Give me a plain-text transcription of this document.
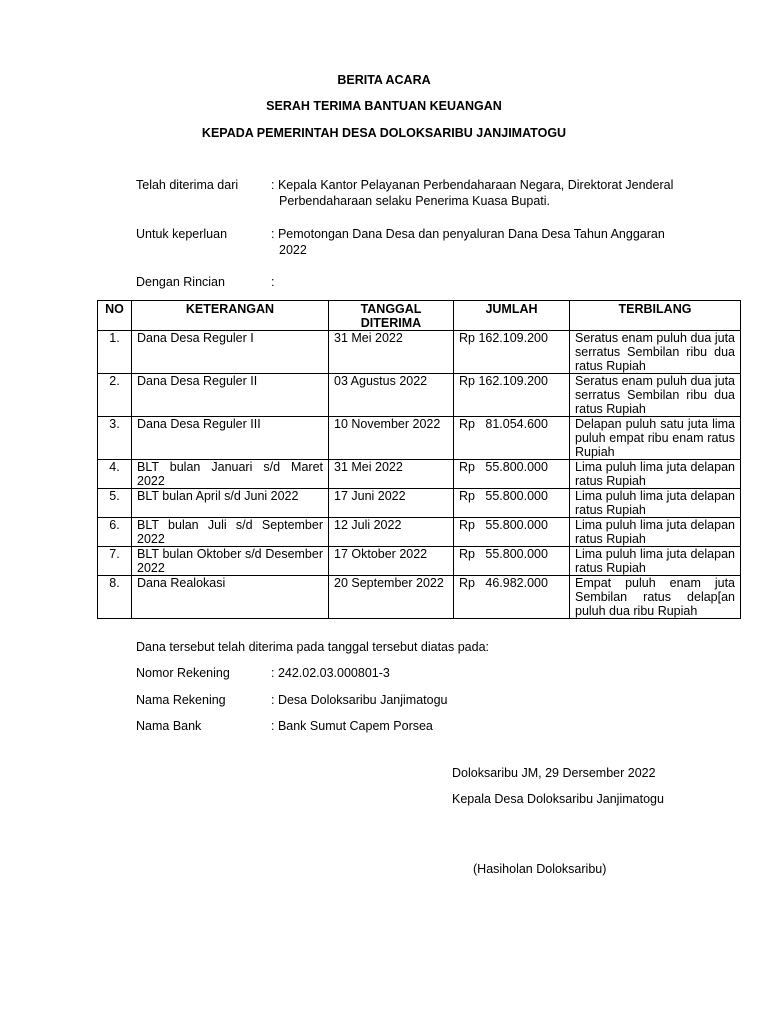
BERITA ACARA
SERAH TERIMA BANTUAN KEUANGAN
KEPADA PEMERINTAH DESA DOLOKSARIBU JANJIMATOGU
Telah diterima dari	: Kepala Kantor Pelayanan Perbendaharaan Negara, Direktorat Jenderal
Perbendaharaan selaku Penerima Kuasa Bupati.
Untuk keperluan	: Pemotongan Dana Desa dan penyaluran Dana Desa Tahun Anggaran
2022
Dengan Rincian	:
NO	KETERANGAN	TANGGAL DITERIMA	JUMLAH	TERBILANG
1.	Dana Desa Reguler I	31 Mei 2022	Rp 162.109.200	Seratus enam puluh dua juta serratus Sembilan ribu dua ratus Rupiah
2.	Dana Desa Reguler II	03 Agustus 2022	Rp 162.109.200	Seratus enam puluh dua juta serratus Sembilan ribu dua ratus Rupiah
3.	Dana Desa Reguler III	10 November 2022	Rp   81.054.600	Delapan puluh satu juta lima puluh empat ribu enam ratus Rupiah
4.	BLT bulan Januari s/d Maret 2022	31 Mei 2022	Rp   55.800.000	Lima puluh lima juta delapan ratus Rupiah
5.	BLT bulan April s/d Juni 2022	17 Juni 2022	Rp   55.800.000	Lima puluh lima juta delapan ratus Rupiah
6.	BLT bulan Juli s/d September 2022	12 Juli 2022	Rp   55.800.000	Lima puluh lima juta delapan ratus Rupiah
7.	BLT bulan Oktober s/d Desember 2022	17 Oktober 2022	Rp   55.800.000	Lima puluh lima juta delapan ratus Rupiah
8.	Dana Realokasi	20 September 2022	Rp   46.982.000	Empat puluh enam juta Sembilan ratus delap[an puluh dua ribu Rupiah
Dana tersebut telah diterima pada tanggal tersebut diatas pada:
Nomor Rekening	: 242.02.03.000801-3
Nama Rekening	: Desa Doloksaribu Janjimatogu
Nama Bank	: Bank Sumut Capem Porsea
Doloksaribu JM, 29 Dersember 2022
Kepala Desa Doloksaribu Janjimatogu
(Hasiholan Doloksaribu)
